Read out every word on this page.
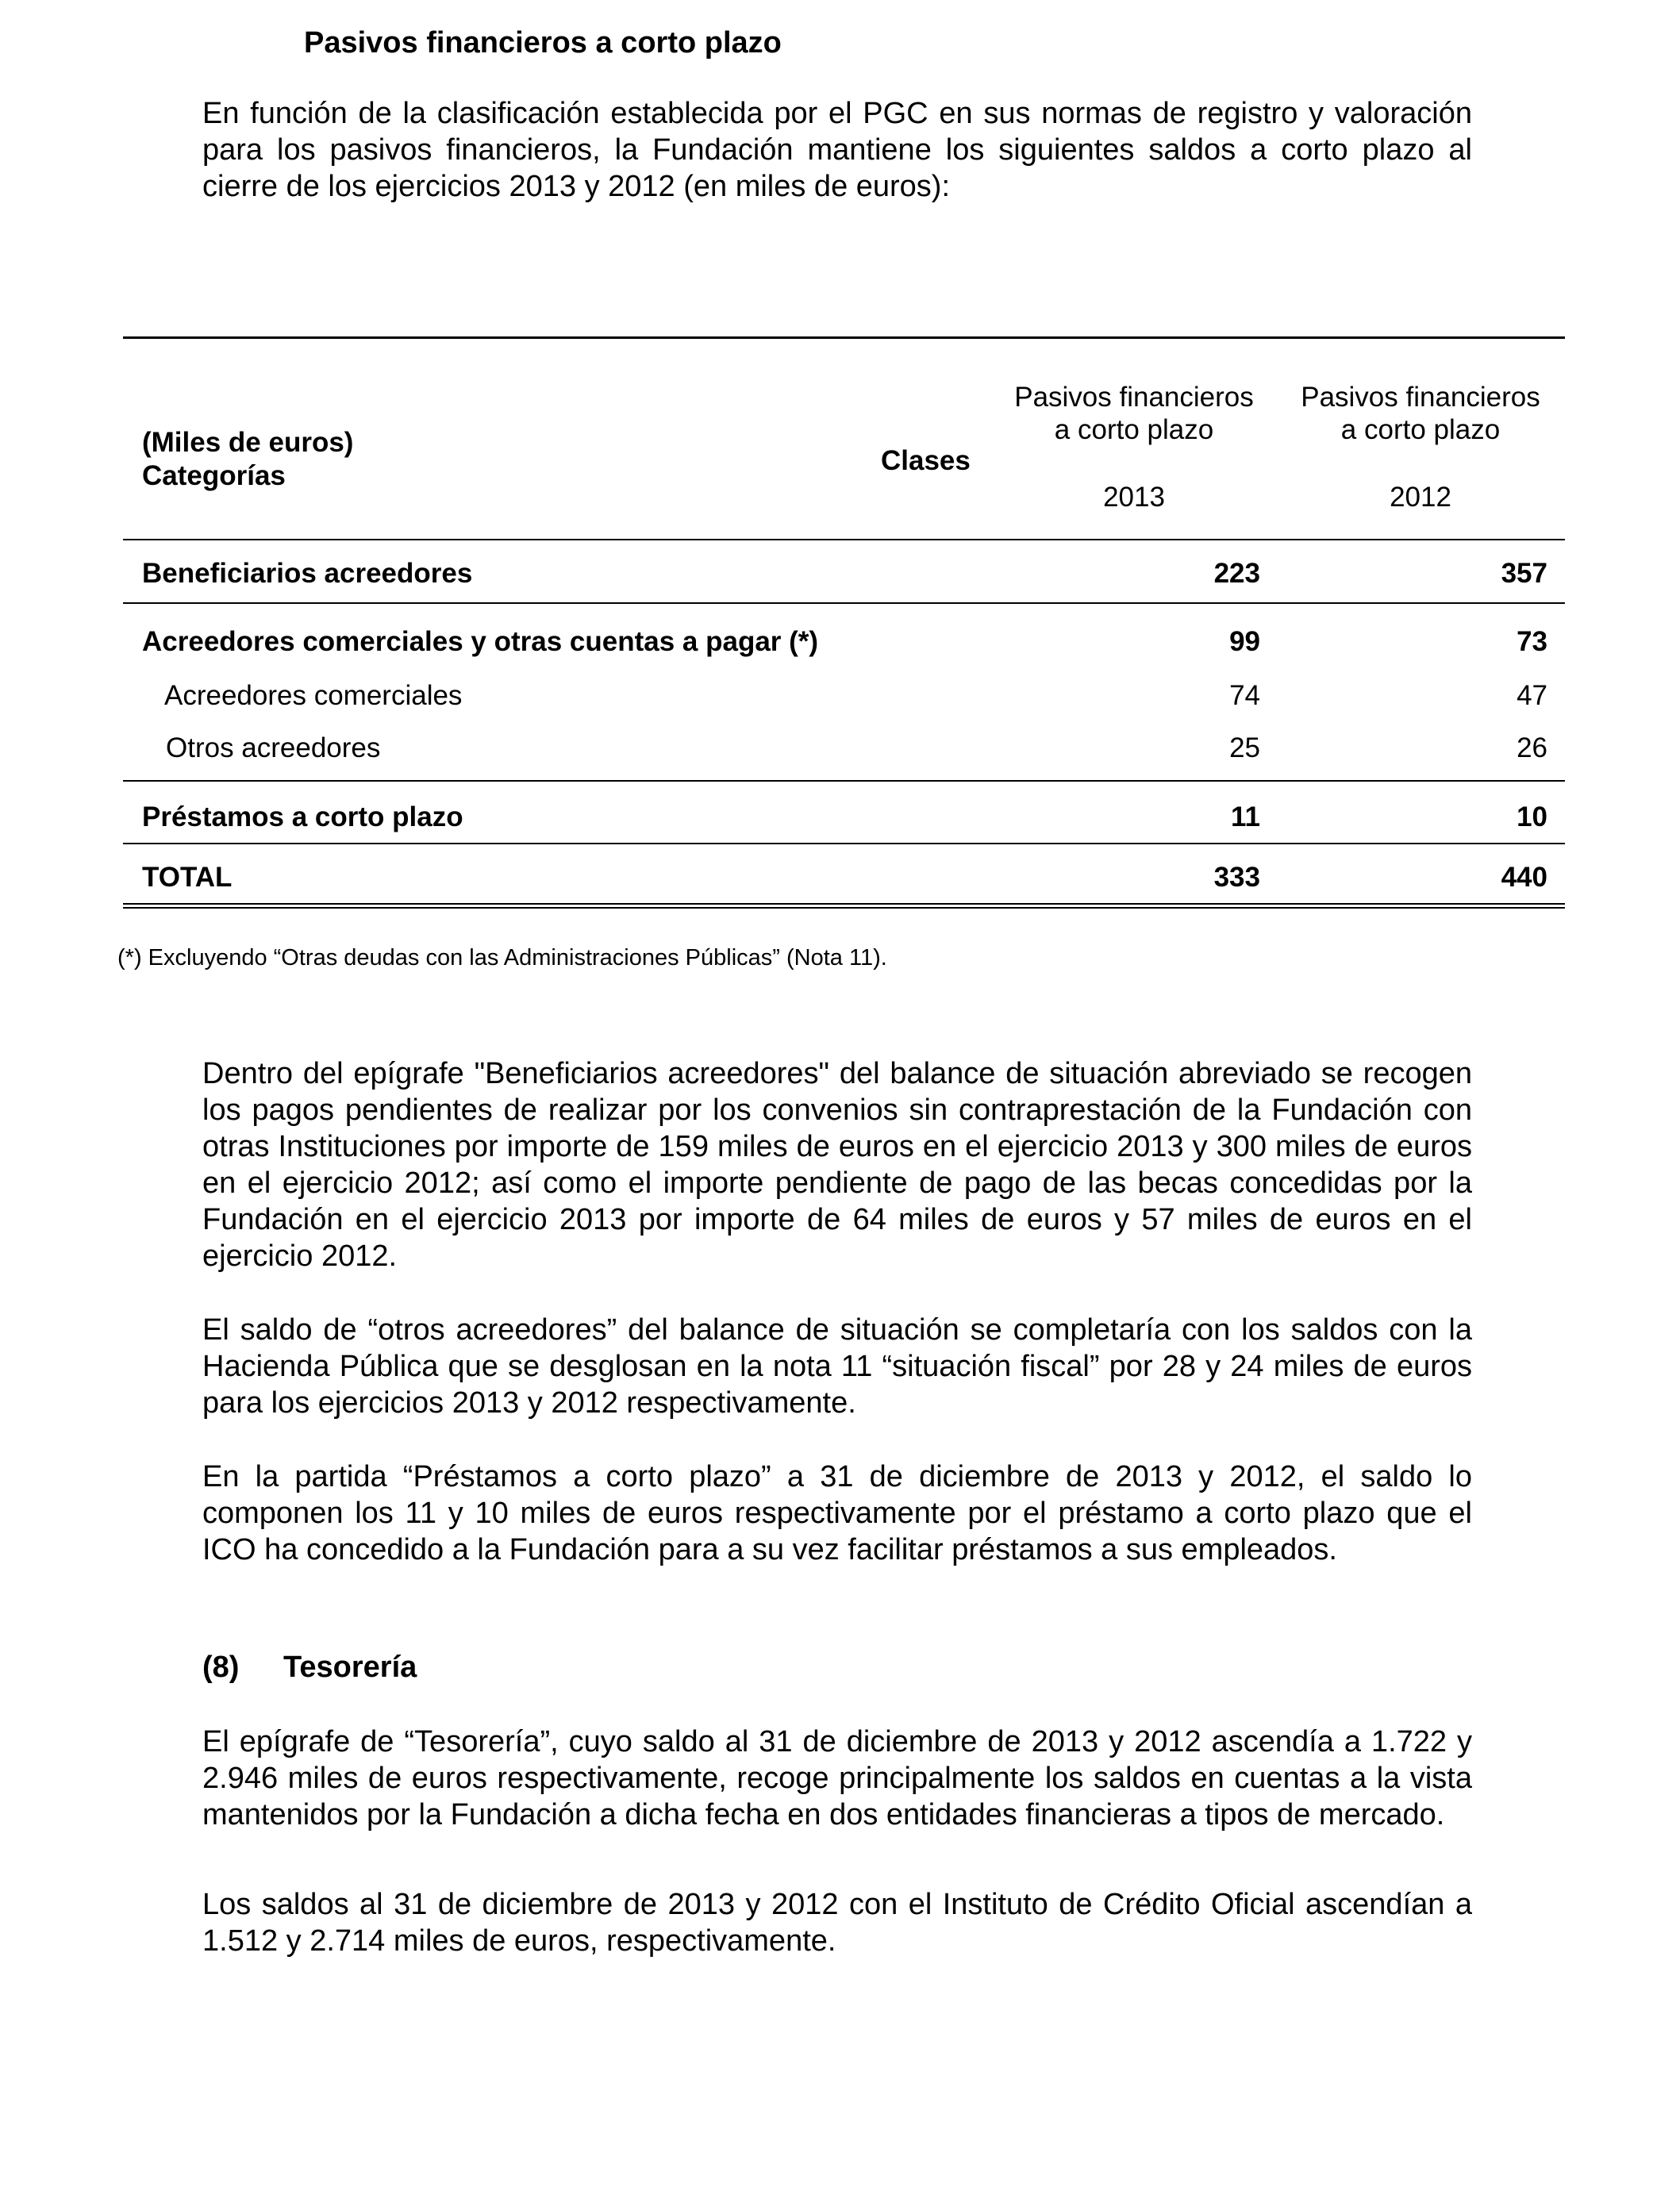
Pasivos financieros a corto plazo

En función de la clasificación establecida por el PGC en sus normas de registro y valoración para los pasivos financieros, la Fundación mantiene los siguientes saldos a corto plazo al cierre de los ejercicios 2013 y 2012 (en miles de euros):

(Miles de euros)
Categorías	Clases
Pasivos financieros
a corto plazo
2013
Pasivos financieros
a corto plazo
2012
Beneficiarios acreedores	223	357
Acreedores comerciales y otras cuentas a pagar (*)	99	73
Acreedores comerciales	74	47
Otros acreedores	25	26
Préstamos a corto plazo	11	10
TOTAL	333	440
(*) Excluyendo “Otras deudas con las Administraciones Públicas” (Nota 11).

Dentro del epígrafe "Beneficiarios acreedores" del balance de situación abreviado se recogen los pagos pendientes de realizar por los convenios sin contraprestación de la Fundación con otras Instituciones por importe de 159 miles de euros en el ejercicio 2013 y 300 miles de euros en el ejercicio 2012; así como el importe pendiente de pago de las becas concedidas por la Fundación en el ejercicio 2013 por importe de 64 miles de euros y 57 miles de euros en el ejercicio 2012.

El saldo de “otros acreedores” del balance de situación se completaría con los saldos con la Hacienda Pública que se desglosan en la nota 11 “situación fiscal” por 28 y 24 miles de euros para los ejercicios 2013 y 2012 respectivamente.

En la partida “Préstamos a corto plazo” a 31 de diciembre de 2013 y 2012, el saldo lo componen los 11 y 10 miles de euros respectivamente por el préstamo a corto plazo que el ICO ha concedido a la Fundación para a su vez facilitar préstamos a sus empleados.

(8) Tesorería

El epígrafe de “Tesorería”, cuyo saldo al 31 de diciembre de 2013 y 2012 ascendía a 1.722 y 2.946 miles de euros respectivamente, recoge principalmente los saldos en cuentas a la vista mantenidos por la Fundación a dicha fecha en dos entidades financieras a tipos de mercado.

Los saldos al 31 de diciembre de 2013 y 2012 con el Instituto de Crédito Oficial ascendían a 1.512 y 2.714 miles de euros, respectivamente.
